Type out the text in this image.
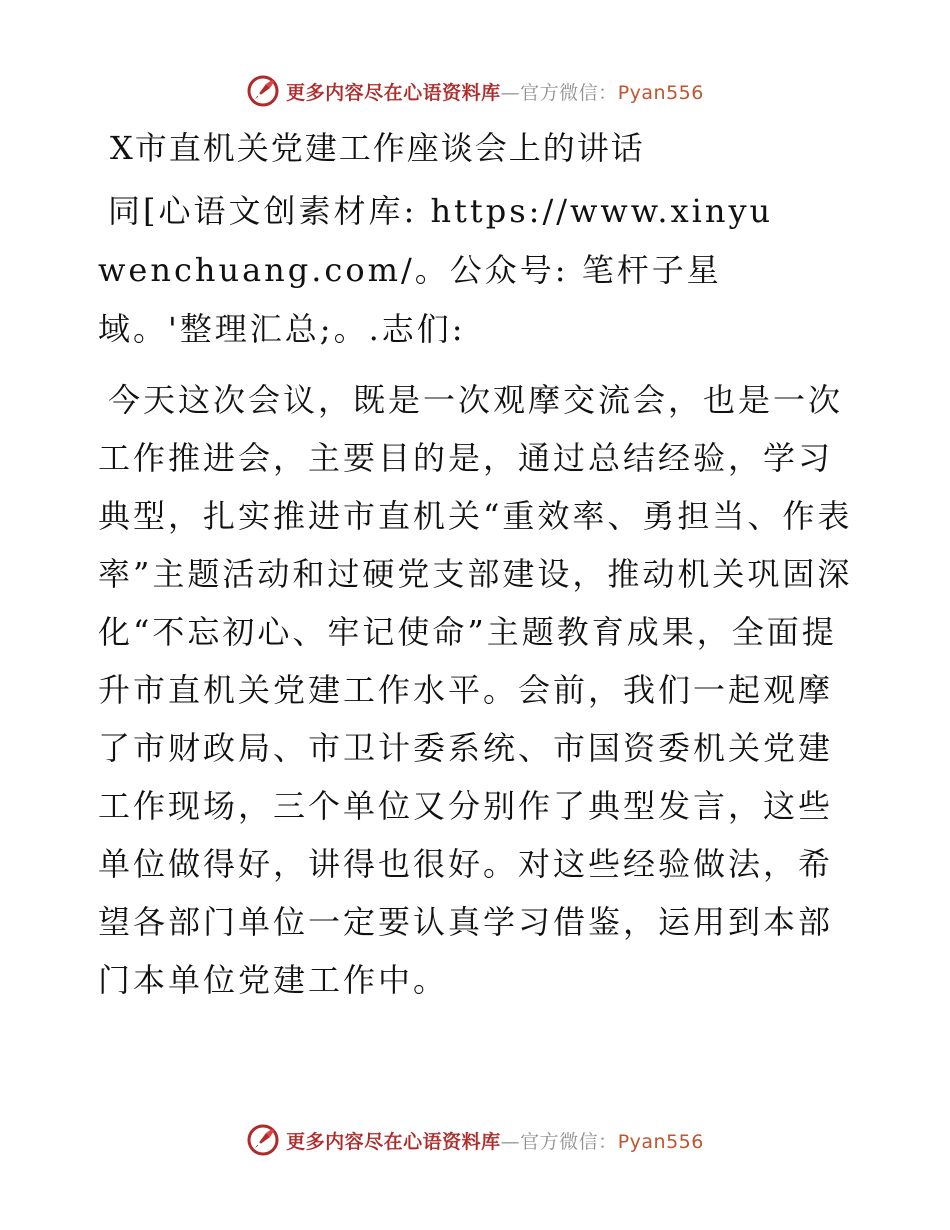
更多内容尽在心语资料库—官方微信：Pyan556
X市直机关党建工作座谈会上的讲话

同[心语文创素材库: https://www.xinyuwenchuang.com/。公众号: 笔杆子星域。'整理汇总;。.志们:

今天这次会议，既是一次观摩交流会，也是一次工作推进会，主要目的是，通过总结经验，学习典型，扎实推进市直机关“重效率、勇担当、作表率”主题活动和过硬党支部建设，推动机关巩固深化“不忘初心、牢记使命”主题教育成果，全面提升市直机关党建工作水平。会前，我们一起观摩了市财政局、市卫计委系统、市国资委机关党建工作现场，三个单位又分别作了典型发言，这些单位做得好，讲得也很好。对这些经验做法，希望各部门单位一定要认真学习借鉴，运用到本部门本单位党建工作中。

更多内容尽在心语资料库—官方微信：Pyan556
